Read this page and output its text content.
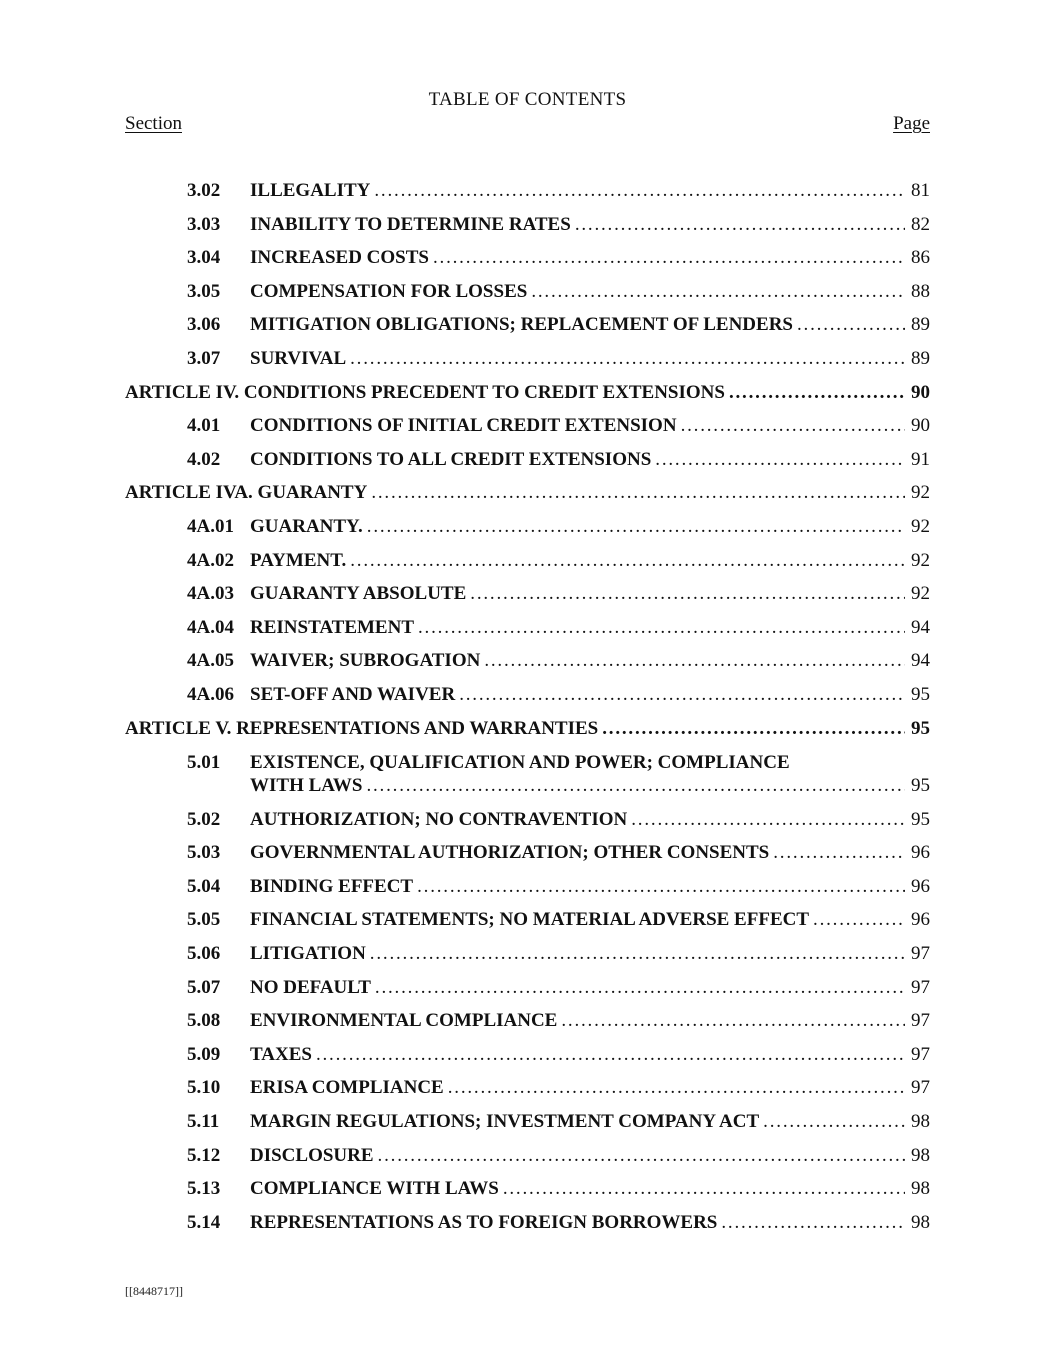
TABLE OF CONTENTS
Section	Page
3.02	ILLEGALITY .....	81
3.03	INABILITY TO DETERMINE RATES .....	82
3.04	INCREASED COSTS .....	86
3.05	COMPENSATION FOR LOSSES .....	88
3.06	MITIGATION OBLIGATIONS; REPLACEMENT OF LENDERS .....	89
3.07	SURVIVAL .....	89
ARTICLE IV. CONDITIONS PRECEDENT TO CREDIT EXTENSIONS .....	90
4.01	CONDITIONS OF INITIAL CREDIT EXTENSION .....	90
4.02	CONDITIONS TO ALL CREDIT EXTENSIONS .....	91
ARTICLE IVA. GUARANTY .....	92
4A.01 GUARANTY. .....	92
4A.02 PAYMENT. .....	92
4A.03 GUARANTY ABSOLUTE .....	92
4A.04 REINSTATEMENT .....	94
4A.05 WAIVER; SUBROGATION .....	94
4A.06 SET-OFF AND WAIVER .....	95
ARTICLE V. REPRESENTATIONS AND WARRANTIES .....	95
5.01	EXISTENCE, QUALIFICATION AND POWER; COMPLIANCE
WITH LAWS .....	95
5.02	AUTHORIZATION; NO CONTRAVENTION .....	95
5.03	GOVERNMENTAL AUTHORIZATION; OTHER CONSENTS .....	96
5.04	BINDING EFFECT .....	96
5.05	FINANCIAL STATEMENTS; NO MATERIAL ADVERSE EFFECT .....	96
5.06	LITIGATION .....	97
5.07	NO DEFAULT .....	97
5.08	ENVIRONMENTAL COMPLIANCE .....	97
5.09	TAXES .....	97
5.10	ERISA COMPLIANCE .....	97
5.11	MARGIN REGULATIONS; INVESTMENT COMPANY ACT .....	98
5.12	DISCLOSURE .....	98
5.13	COMPLIANCE WITH LAWS .....	98
5.14	REPRESENTATIONS AS TO FOREIGN BORROWERS .....	98
[[8448717]]
